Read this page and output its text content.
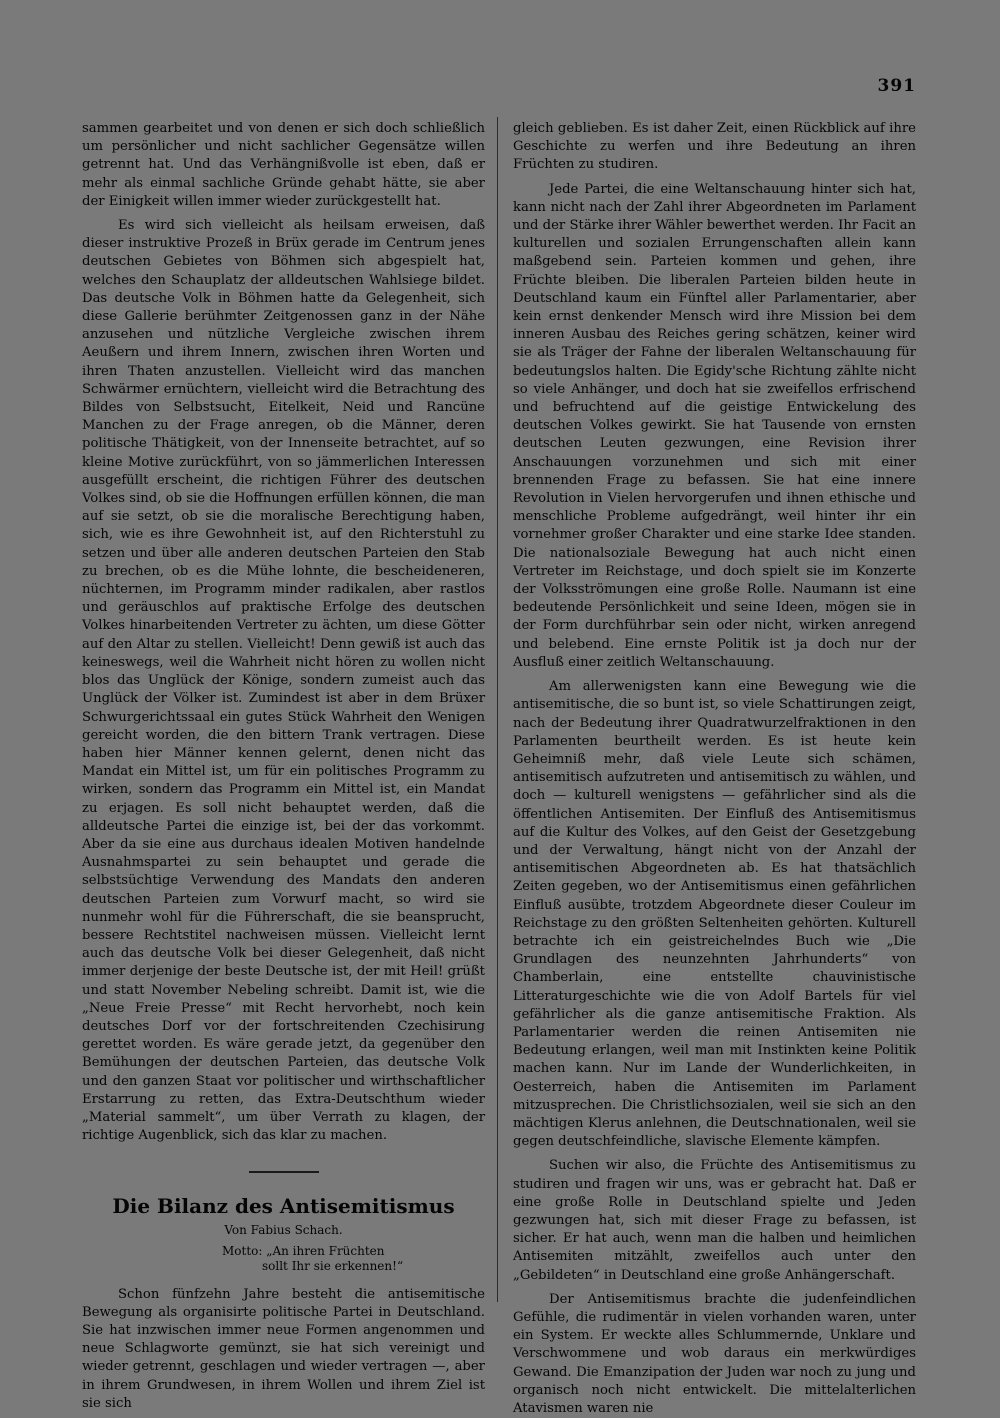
391

sammen gearbeitet und von denen er sich doch schließlich um persönlicher und nicht sachlicher Gegensätze willen getrennt hat. Und das Verhängnißvolle ist eben, daß er mehr als einmal sachliche Gründe gehabt hätte, sie aber der Einigkeit willen immer wieder zurückgestellt hat.

Es wird sich vielleicht als heilsam erweisen, daß dieser instruktive Prozeß in Brüx gerade im Centrum jenes deutschen Gebietes von Böhmen sich abgespielt hat, welches den Schauplatz der alldeutschen Wahlsiege bildet. Das deutsche Volk in Böhmen hatte da Gelegenheit, sich diese Gallerie berühmter Zeitgenossen ganz in der Nähe anzusehen und nützliche Vergleiche zwischen ihrem Aeußern und ihrem Innern, zwischen ihren Worten und ihren Thaten anzustellen. Vielleicht wird das manchen Schwärmer ernüchtern, vielleicht wird die Betrachtung des Bildes von Selbstsucht, Eitelkeit, Neid und Rancüne Manchen zu der Frage anregen, ob die Männer, deren politische Thätigkeit, von der Innenseite betrachtet, auf so kleine Motive zurückführt, von so jämmerlichen Interessen ausgefüllt erscheint, die richtigen Führer des deutschen Volkes sind, ob sie die Hoffnungen erfüllen können, die man auf sie setzt, ob sie die moralische Berechtigung haben, sich, wie es ihre Gewohnheit ist, auf den Richterstuhl zu setzen und über alle anderen deutschen Parteien den Stab zu brechen, ob es die Mühe lohnte, die bescheideneren, nüchternen, im Programm minder radikalen, aber rastlos und geräuschlos auf praktische Erfolge des deutschen Volkes hinarbeitenden Vertreter zu ächten, um diese Götter auf den Altar zu stellen. Vielleicht! Denn gewiß ist auch das keineswegs, weil die Wahrheit nicht hören zu wollen nicht blos das Unglück der Könige, sondern zumeist auch das Unglück der Völker ist. Zumindest ist aber in dem Brüxer Schwurgerichtssaal ein gutes Stück Wahrheit den Wenigen gereicht worden, die den bittern Trank vertragen. Diese haben hier Männer kennen gelernt, denen nicht das Mandat ein Mittel ist, um für ein politisches Programm zu wirken, sondern das Programm ein Mittel ist, ein Mandat zu erjagen. Es soll nicht behauptet werden, daß die alldeutsche Partei die einzige ist, bei der das vorkommt. Aber da sie eine aus durchaus idealen Motiven handelnde Ausnahmspartei zu sein behauptet und gerade die selbstsüchtige Verwendung des Mandats den anderen deutschen Parteien zum Vorwurf macht, so wird sie nunmehr wohl für die Führerschaft, die sie beansprucht, bessere Rechtstitel nachweisen müssen. Vielleicht lernt auch das deutsche Volk bei dieser Gelegenheit, daß nicht immer derjenige der beste Deutsche ist, der mit Heil! grüßt und statt November Nebeling schreibt. Damit ist, wie die „Neue Freie Presse“ mit Recht hervorhebt, noch kein deutsches Dorf vor der fortschreitenden Czechisirung gerettet worden. Es wäre gerade jetzt, da gegenüber den Bemühungen der deutschen Parteien, das deutsche Volk und den ganzen Staat vor politischer und wirthschaftlicher Erstarrung zu retten, das Extra-Deutschthum wieder „Material sammelt“, um über Verrath zu klagen, der richtige Augenblick, sich das klar zu machen.

Die Bilanz des Antisemitismus
Von Fabius Schach.
Motto: „An ihren Früchten
sollt Ihr sie erkennen!“

Schon fünfzehn Jahre besteht die antisemitische Bewegung als organisirte politische Partei in Deutschland. Sie hat inzwischen immer neue Formen angenommen und neue Schlagworte gemünzt, sie hat sich vereinigt und wieder getrennt, geschlagen und wieder vertragen —, aber in ihrem Grundwesen, in ihrem Wollen und ihrem Ziel ist sie sich

gleich geblieben. Es ist daher Zeit, einen Rückblick auf ihre Geschichte zu werfen und ihre Bedeutung an ihren Früchten zu studiren.

Jede Partei, die eine Weltanschauung hinter sich hat, kann nicht nach der Zahl ihrer Abgeordneten im Parlament und der Stärke ihrer Wähler bewerthet werden. Ihr Facit an kulturellen und sozialen Errungenschaften allein kann maßgebend sein. Parteien kommen und gehen, ihre Früchte bleiben. Die liberalen Parteien bilden heute in Deutschland kaum ein Fünftel aller Parlamentarier, aber kein ernst denkender Mensch wird ihre Mission bei dem inneren Ausbau des Reiches gering schätzen, keiner wird sie als Träger der Fahne der liberalen Weltanschauung für bedeutungslos halten. Die Egidy'sche Richtung zählte nicht so viele Anhänger, und doch hat sie zweifellos erfrischend und befruchtend auf die geistige Entwickelung des deutschen Volkes gewirkt. Sie hat Tausende von ernsten deutschen Leuten gezwungen, eine Revision ihrer Anschauungen vorzunehmen und sich mit einer brennenden Frage zu befassen. Sie hat eine innere Revolution in Vielen hervorgerufen und ihnen ethische und menschliche Probleme aufgedrängt, weil hinter ihr ein vornehmer großer Charakter und eine starke Idee standen. Die nationalsoziale Bewegung hat auch nicht einen Vertreter im Reichstage, und doch spielt sie im Konzerte der Volksströmungen eine große Rolle. Naumann ist eine bedeutende Persönlichkeit und seine Ideen, mögen sie in der Form durchführbar sein oder nicht, wirken anregend und belebend. Eine ernste Politik ist ja doch nur der Ausfluß einer zeitlich Weltanschauung.

Am allerwenigsten kann eine Bewegung wie die antisemitische, die so bunt ist, so viele Schattirungen zeigt, nach der Bedeutung ihrer Quadratwurzelfraktionen in den Parlamenten beurtheilt werden. Es ist heute kein Geheimniß mehr, daß viele Leute sich schämen, antisemitisch aufzutreten und antisemitisch zu wählen, und doch — kulturell wenigstens — gefährlicher sind als die öffentlichen Antisemiten. Der Einfluß des Antisemitismus auf die Kultur des Volkes, auf den Geist der Gesetzgebung und der Verwaltung, hängt nicht von der Anzahl der antisemitischen Abgeordneten ab. Es hat thatsächlich Zeiten gegeben, wo der Antisemitismus einen gefährlichen Einfluß ausübte, trotzdem Abgeordnete dieser Couleur im Reichstage zu den größten Seltenheiten gehörten. Kulturell betrachte ich ein geistreichelndes Buch wie „Die Grundlagen des neunzehnten Jahrhunderts“ von Chamberlain, eine entstellte chauvinistische Litteraturgeschichte wie die von Adolf Bartels für viel gefährlicher als die ganze antisemitische Fraktion. Als Parlamentarier werden die reinen Antisemiten nie Bedeutung erlangen, weil man mit Instinkten keine Politik machen kann. Nur im Lande der Wunderlichkeiten, in Oesterreich, haben die Antisemiten im Parlament mitzusprechen. Die Christlichsozialen, weil sie sich an den mächtigen Klerus anlehnen, die Deutschnationalen, weil sie gegen deutschfeindliche, slavische Elemente kämpfen.

Suchen wir also, die Früchte des Antisemitismus zu studiren und fragen wir uns, was er gebracht hat. Daß er eine große Rolle in Deutschland spielte und Jeden gezwungen hat, sich mit dieser Frage zu befassen, ist sicher. Er hat auch, wenn man die halben und heimlichen Antisemiten mitzählt, zweifellos auch unter den „Gebildeten“ in Deutschland eine große Anhängerschaft.

Der Antisemitismus brachte die judenfeindlichen Gefühle, die rudimentär in vielen vorhanden waren, unter ein System. Er weckte alles Schlummernde, Unklare und Verschwommene und wob daraus ein merkwürdiges Gewand. Die Emanzipation der Juden war noch zu jung und organisch noch nicht entwickelt. Die mittelalterlichen Atavismen waren nie
